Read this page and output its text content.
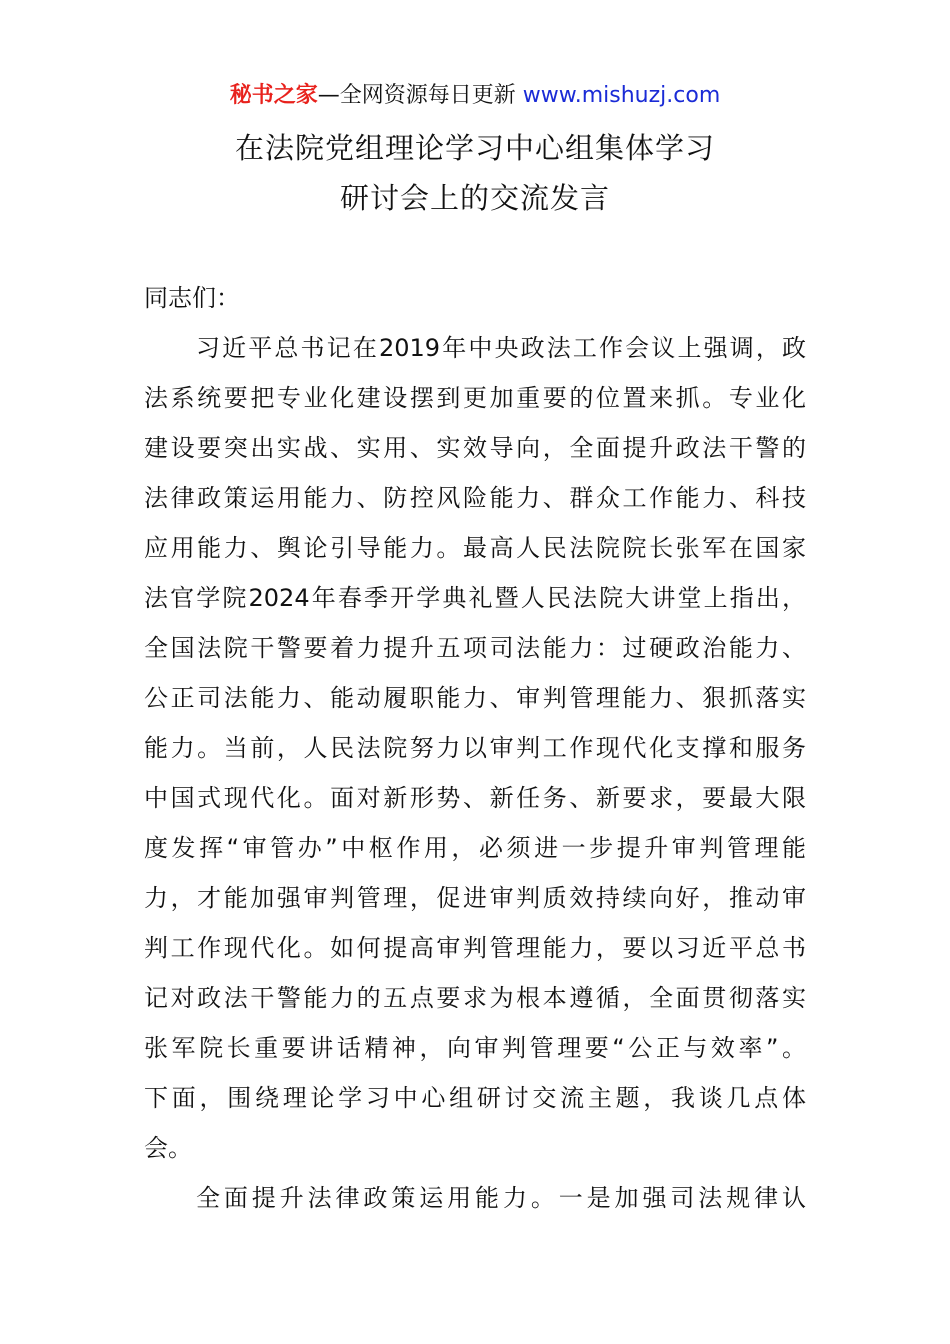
秘书之家—全网资源每日更新 www.mishuzj.com
在法院党组理论学习中心组集体学习
研讨会上的交流发言
同志们：
习近平总书记在2019年中央政法工作会议上强调，政
法系统要把专业化建设摆到更加重要的位置来抓。专业化
建设要突出实战、实用、实效导向，全面提升政法干警的
法律政策运用能力、防控风险能力、群众工作能力、科技
应用能力、舆论引导能力。最高人民法院院长张军在国家
法官学院2024年春季开学典礼暨人民法院大讲堂上指出，
全国法院干警要着力提升五项司法能力：过硬政治能力、
公正司法能力、能动履职能力、审判管理能力、狠抓落实
能力。当前，人民法院努力以审判工作现代化支撑和服务
中国式现代化。面对新形势、新任务、新要求，要最大限
度发挥“审管办”中枢作用，必须进一步提升审判管理能
力，才能加强审判管理，促进审判质效持续向好，推动审
判工作现代化。如何提高审判管理能力，要以习近平总书
记对政法干警能力的五点要求为根本遵循，全面贯彻落实
张军院长重要讲话精神，向审判管理要“公正与效率”。
下面，围绕理论学习中心组研讨交流主题，我谈几点体
会。
全面提升法律政策运用能力。一是加强司法规律认
